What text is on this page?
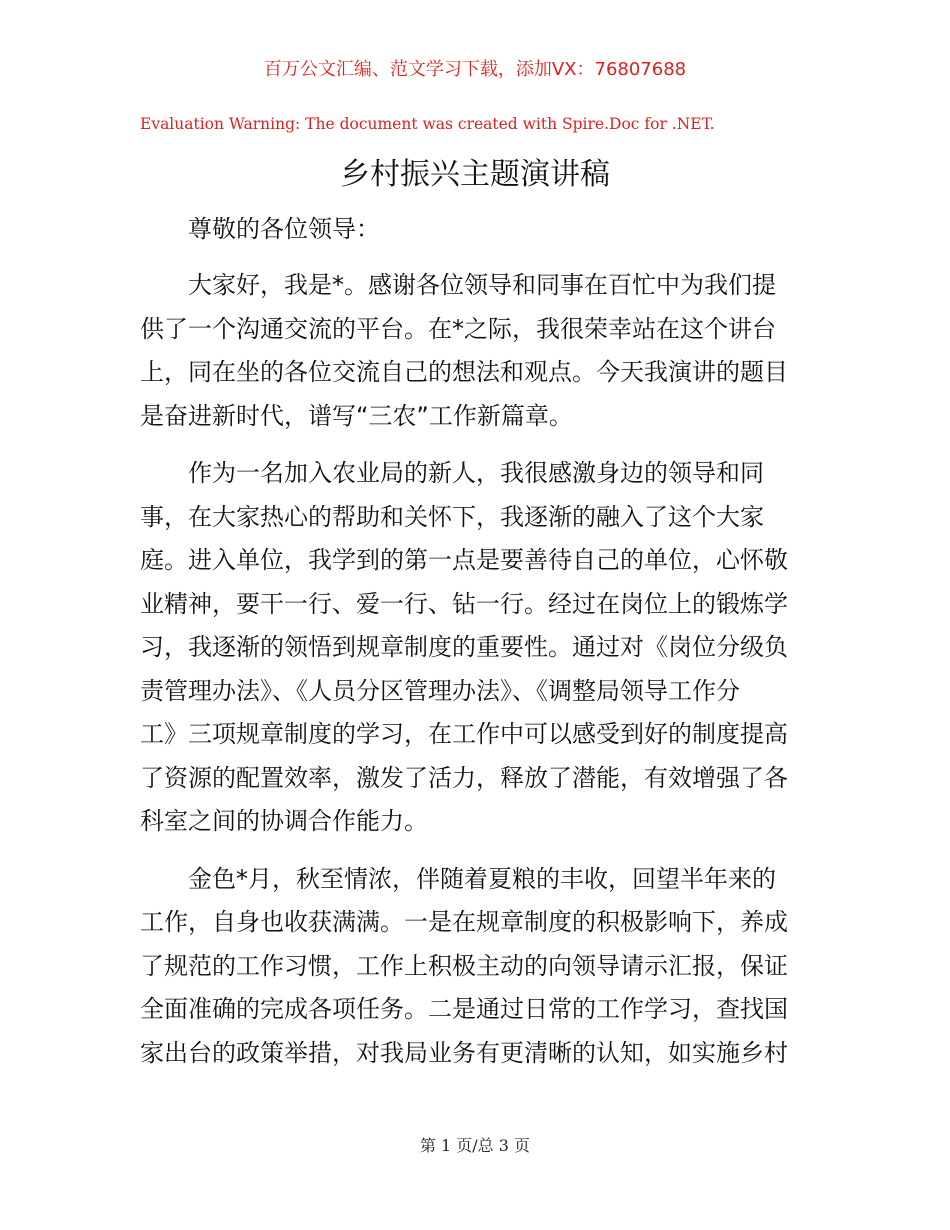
百万公文汇编、范文学习下载，添加VX：76807688
Evaluation Warning: The document was created with Spire.Doc for .NET.
乡村振兴主题演讲稿
尊敬的各位领导：
大家好，我是*。感谢各位领导和同事在百忙中为我们提
供了一个沟通交流的平台。在*之际，我很荣幸站在这个讲台
上，同在坐的各位交流自己的想法和观点。今天我演讲的题目
是奋进新时代，谱写“三农”工作新篇章。
作为一名加入农业局的新人，我很感激身边的领导和同
事，在大家热心的帮助和关怀下，我逐渐的融入了这个大家
庭。进入单位，我学到的第一点是要善待自己的单位，心怀敬
业精神，要干一行、爱一行、钻一行。经过在岗位上的锻炼学
习，我逐渐的领悟到规章制度的重要性。通过对《岗位分级负
责管理办法》、《人员分区管理办法》、《调整局领导工作分
工》三项规章制度的学习，在工作中可以感受到好的制度提高
了资源的配置效率，激发了活力，释放了潜能，有效增强了各
科室之间的协调合作能力。
金色*月，秋至情浓，伴随着夏粮的丰收，回望半年来的
工作，自身也收获满满。一是在规章制度的积极影响下，养成
了规范的工作习惯，工作上积极主动的向领导请示汇报，保证
全面准确的完成各项任务。二是通过日常的工作学习，查找国
家出台的政策举措，对我局业务有更清晰的认知，如实施乡村
第 1 页/总 3 页
